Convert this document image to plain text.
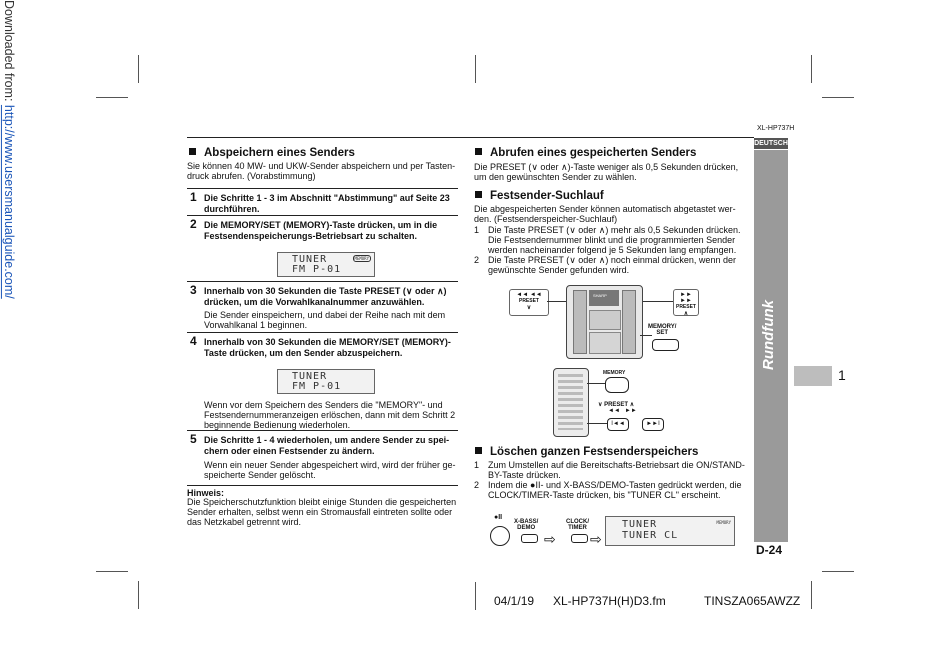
Downloaded from: http://www.usersmanualguide.com/	XL-HP737H
DEUTSCH
Rundfunk
1
D-24
Abspeichern eines Senders
Sie können 40 MW- und UKW-Sender abspeichern und per Tasten-
druck abrufen. (Vorabstimmung)
1 Die Schritte 1 - 3 im Abschnitt "Abstimmung" auf Seite 23
durchführen.
2 Die MEMORY/SET (MEMORY)-Taste drücken, um in die
Festsendenspeicherungs-Betriebsart zu schalten.
TUNER
FM P-01
MEMORY
3 Innerhalb von 30 Sekunden die Taste PRESET (∨ oder ∧)
drücken, um die Vorwahlkanalnummer anzuwählen.
Die Sender einspeichern, und dabei der Reihe nach mit dem
Vorwahlkanal 1 beginnen.
4 Innerhalb von 30 Sekunden die MEMORY/SET (MEMORY)-
Taste drücken, um den Sender abzuspeichern.
TUNER
FM P-01
Wenn vor dem Speichern des Senders die "MEMORY"- und
Festsendernummeranzeigen erlöschen, dann mit dem Schritt 2
beginnende Bedienung wiederholen.
5 Die Schritte 1 - 4 wiederholen, um andere Sender zu spei-
chern oder einen Festsender zu ändern.
Wenn ein neuer Sender abgespeichert wird, wird der früher ge-
speicherte Sender gelöscht.
Hinweis:
Die Speicherschutzfunktion bleibt einige Stunden die gespeicherten
Sender erhalten, selbst wenn ein Stromausfall eintreten sollte oder
das Netzkabel getrennt wird.
Abrufen eines gespeicherten Senders
Die PRESET (∨ oder ∧)-Taste weniger als 0,5 Sekunden drücken,
um den gewünschten Sender zu wählen.
Festsender-Suchlauf
Die abgespeicherten Sender können automatisch abgetastet wer-
den. (Festsenderspeicher-Suchlauf)
1 Die Taste PRESET (∨ oder ∧) mehr als 0,5 Sekunden drücken.
Die Festsendernummer blinkt und die programmierten Sender
werden nacheinander folgend je 5 Sekunden lang empfangen.
2 Die Taste PRESET (∨ oder ∧) noch einmal drücken, wenn der
gewünschte Sender gefunden wird.
◄◄ ◄◄
PRESET
∨
►► ►►
PRESET
∧
SHARP
MEMORY/
SET
MEMORY
∨ PRESET ∧
◄◄   ►►
I◄◄	►►I
Löschen ganzen Festsenderspeichers
1 Zum Umstellen auf die Bereitschafts-Betriebsart die ON/STAND-
BY-Taste drücken.
2 Indem die ●II- und X-BASS/DEMO-Tasten gedrückt werden, die
CLOCK/TIMER-Taste drücken, bis "TUNER CL" erscheint.
●II
X-BASS/
DEMO
⇨
CLOCK/
TIMER
⇨
TUNER
TUNER CL
MEMORY
04/1/19 XL-HP737H(H)D3.fm	TINSZA065AWZZ
